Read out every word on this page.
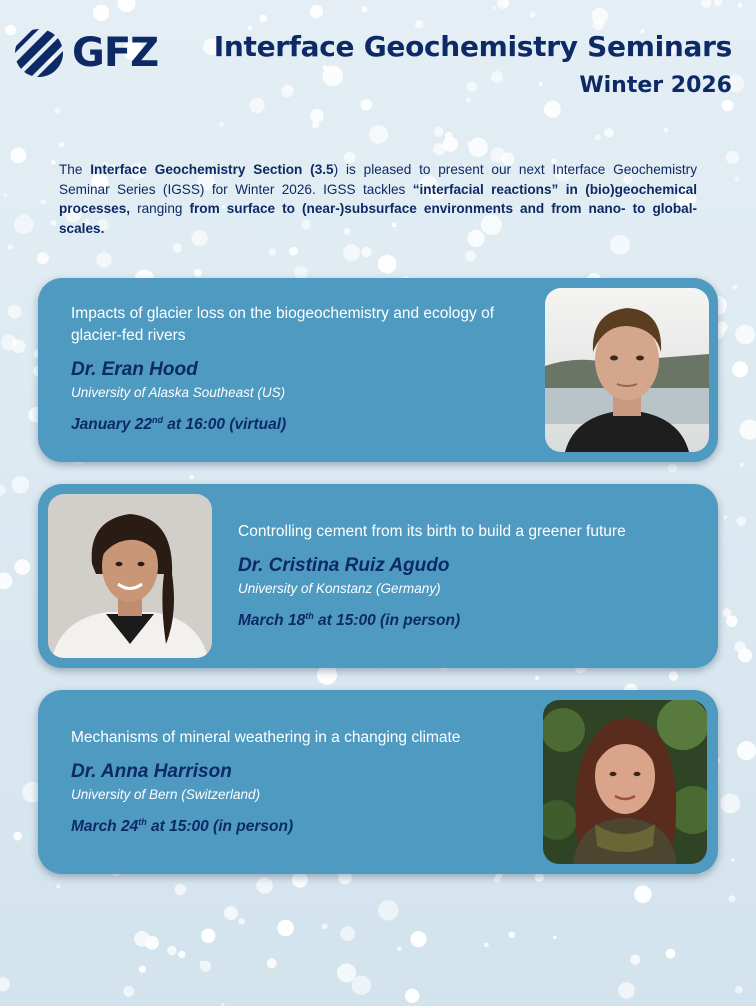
GFZ Interface Geochemistry Seminars
Winter 2026
The Interface Geochemistry Section (3.5) is pleased to present our next Interface Geochemistry Seminar Series (IGSS) for Winter 2026. IGSS tackles “interfacial reactions” in (bio)geochemical processes, ranging from surface to (near-)subsurface environments and from nano- to global-scales.
Impacts of glacier loss on the biogeochemistry and ecology of glacier-fed rivers
Dr. Eran Hood
University of Alaska Southeast (US)
January 22nd at 16:00 (virtual)
Controlling cement from its birth to build a greener future
Dr. Cristina Ruiz Agudo
University of Konstanz (Germany)
March 18th at 15:00 (in person)
Mechanisms of mineral weathering in a changing climate
Dr. Anna Harrison
University of Bern (Switzerland)
March 24th at 15:00 (in person)
